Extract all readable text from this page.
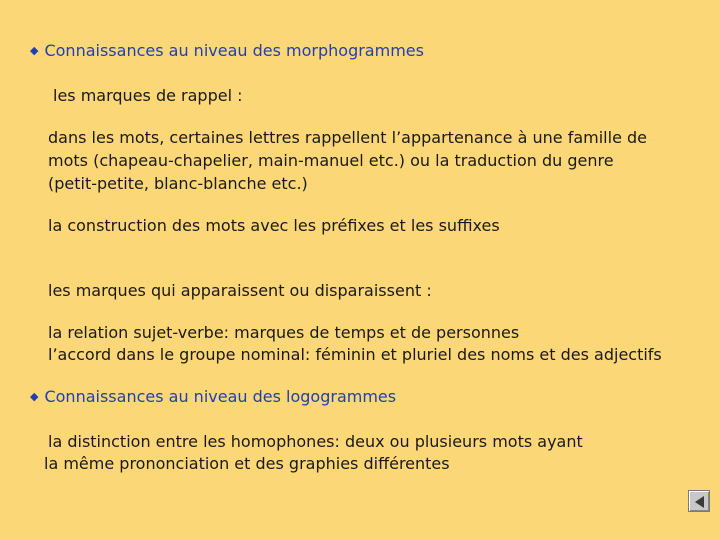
◆ Connaissances au niveau des morphogrammes
les marques de rappel :
dans les mots, certaines lettres rappellent l’appartenance à une famille de
mots (chapeau-chapelier, main-manuel etc.) ou la traduction du genre
(petit-petite, blanc-blanche etc.)
la construction des mots avec les préfixes et les suffixes
les marques qui apparaissent ou disparaissent :
la relation sujet-verbe: marques de temps et de personnes
l’accord dans le groupe nominal: féminin et pluriel des noms et des adjectifs
◆ Connaissances au niveau des logogrammes
la distinction entre les homophones: deux ou plusieurs mots ayant
la même prononciation et des graphies différentes
